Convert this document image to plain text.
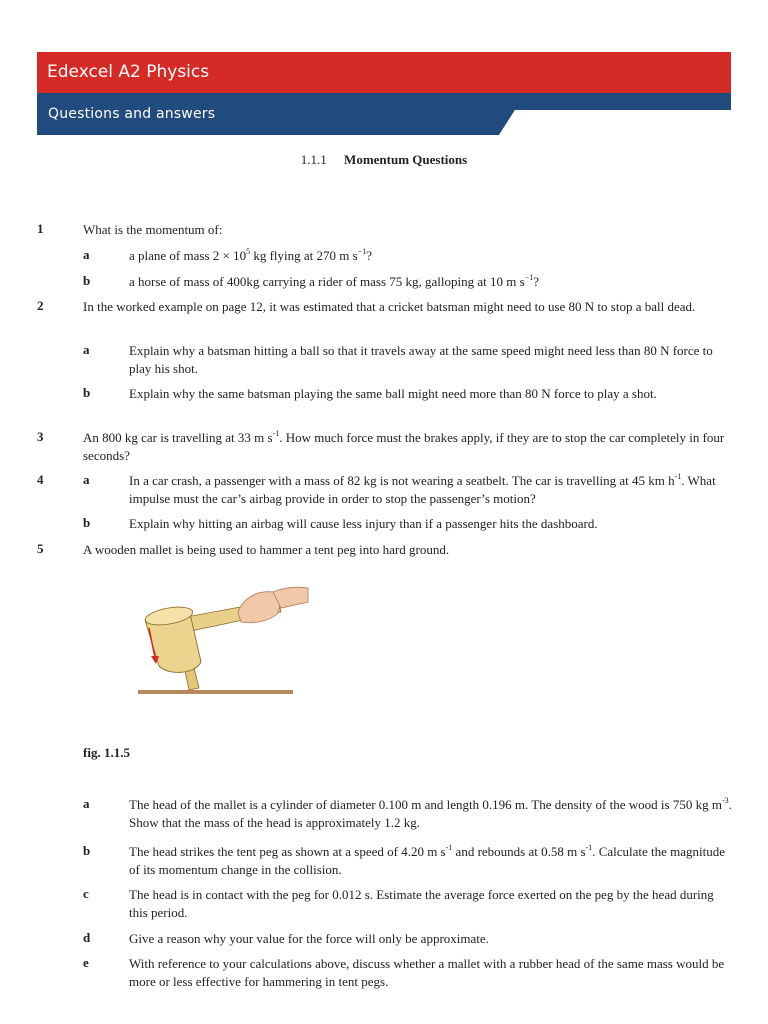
Edexcel A2 Physics
Questions and answers
1.1.1 Momentum Questions
1	What is the momentum of:
a	a plane of mass $2 \times 10^5$ kg flying at 270 m $s^{-1}$?
b	a horse of mass of 400kg carrying a rider of mass 75 kg, galloping at 10 m $s^{-1}$?
2	In the worked example on page 12, it was estimated that a cricket batsman might need to use 80 N to stop a ball dead.
a	Explain why a batsman hitting a ball so that it travels away at the same speed might need less than 80 N force to play his shot.
b	Explain why the same batsman playing the same ball might need more than 80 N force to play a shot.
3	An 800 kg car is travelling at 33 m $s^{-1}$. How much force must the brakes apply, if they are to stop the car completely in four seconds?
4	a	In a car crash, a passenger with a mass of 82 kg is not wearing a seatbelt. The car is travelling at 45 km $h^{-1}$. What impulse must the car’s airbag provide in order to stop the passenger’s motion?
b	Explain why hitting an airbag will cause less injury than if a passenger hits the dashboard.
5	A wooden mallet is being used to hammer a tent peg into hard ground.
fig. 1.1.5
a	The head of the mallet is a cylinder of diameter 0.100 m and length 0.196 m. The density of the wood is 750 kg $m^{-3}$. Show that the mass of the head is approximately 1.2 kg.
b	The head strikes the tent peg as shown at a speed of 4.20 m $s^{-1}$ and rebounds at 0.58 m $s^{-1}$. Calculate the magnitude of its momentum change in the collision.
c	The head is in contact with the peg for 0.012 s. Estimate the average force exerted on the peg by the head during this period.
d	Give a reason why your value for the force will only be approximate.
e	With reference to your calculations above, discuss whether a mallet with a rubber head of the same mass would be more or less effective for hammering in tent pegs.
